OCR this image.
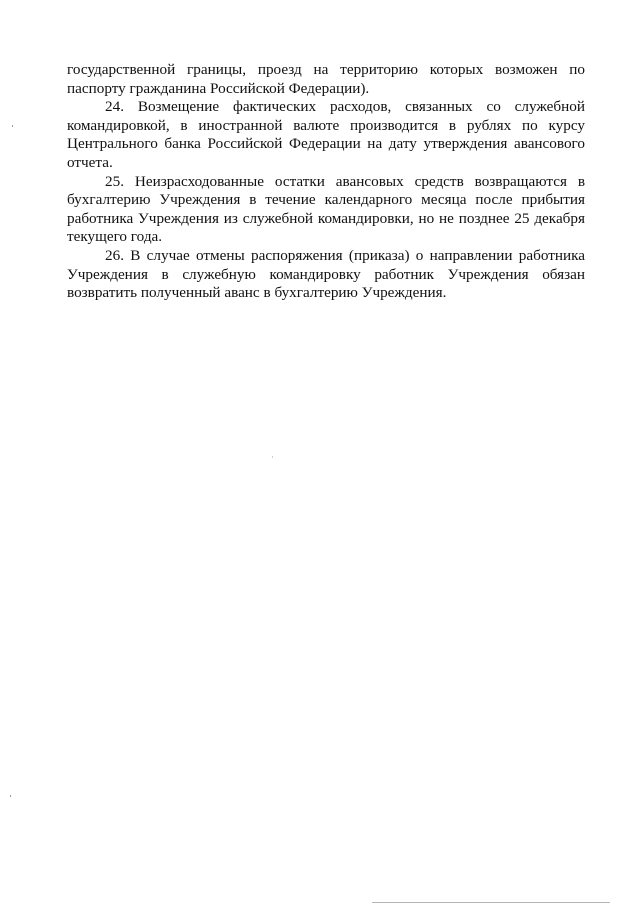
государственной границы, проезд на территорию которых возможен по паспорту гражданина Российской Федерации).

24. Возмещение фактических расходов, связанных со служебной командировкой, в иностранной валюте производится в рублях по курсу Центрального банка Российской Федерации на дату утверждения авансового отчета.

25. Неизрасходованные остатки авансовых средств возвращаются в бухгалтерию Учреждения в течение календарного месяца после прибытия работника Учреждения из служебной командировки, но не позднее 25 декабря текущего года.

26. В случае отмены распоряжения (приказа) о направлении работника Учреждения в служебную командировку работник Учреждения обязан возвратить полученный аванс в бухгалтерию Учреждения.
